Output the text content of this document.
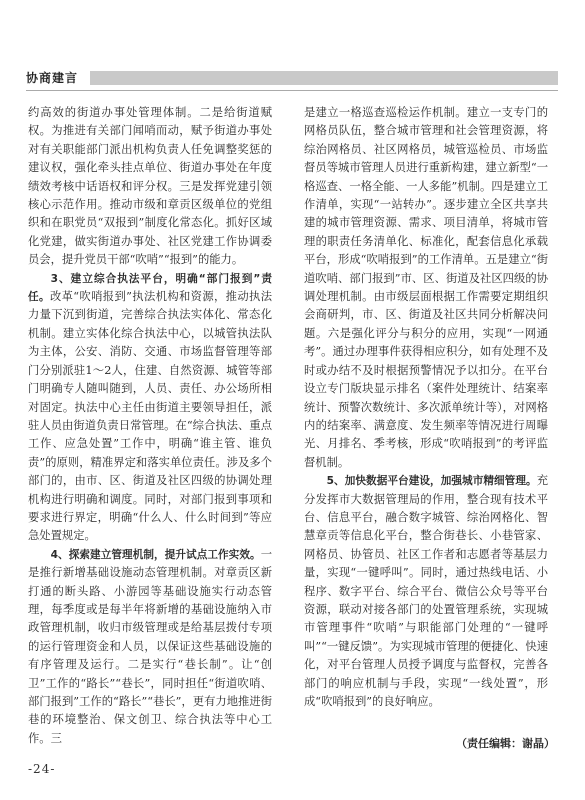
协商建言

约高效的街道办事处管理体制。二是给街道赋权。为推进有关部门闻哨而动，赋予街道办事处对有关职能部门派出机构负责人任免调整奖惩的建议权，强化牵头挂点单位、街道办事处在年度绩效考核中话语权和评分权。三是发挥党建引领核心示范作用。推动市级和章贡区级单位的党组织和在职党员“双报到”制度化常态化。抓好区域化党建，做实街道办事处、社区党建工作协调委员会，提升党员干部“吹哨”“报到”的能力。

3、建立综合执法平台，明确“部门报到”责任。改革“吹哨报到”执法机构和资源，推动执法力量下沉到街道，完善综合执法实体化、常态化机制。建立实体化综合执法中心，以城管执法队为主体，公安、消防、交通、市场监督管理等部门分别派驻1～2人，住建、自然资源、城管等部门明确专人随叫随到，人员、责任、办公场所相对固定。执法中心主任由街道主要领导担任，派驻人员由街道负责日常管理。在“综合执法、重点工作、应急处置”工作中，明确“谁主管、谁负责”的原则，精准界定和落实单位责任。涉及多个部门的，由市、区、街道及社区四级的协调处理机构进行明确和调度。同时，对部门报到事项和要求进行界定，明确“什么人、什么时间到”等应急处置规定。

4、探索建立管理机制，提升试点工作实效。一是推行新增基础设施动态管理机制。对章贡区新打通的断头路、小游园等基础设施实行动态管理，每季度或是每半年将新增的基础设施纳入市政管理机制，收归市级管理或是给基层拨付专项的运行管理资金和人员，以保证这些基础设施的有序管理及运行。二是实行“巷长制”。让“创卫”工作的“路长”“巷长”，同时担任“街道吹哨、部门报到”工作的“路长”“巷长”，更有力地推进街巷的环境整治、保文创卫、综合执法等中心工作。三

是建立一格巡查巡检运作机制。建立一支专门的网格员队伍，整合城市管理和社会管理资源，将综治网格员、社区网格员，城管巡检员、市场监督员等城市管理人员进行重新构建，建立新型“一格巡查、一格全能、一人多能”机制。四是建立工作清单，实现“一站转办”。逐步建立全区共享共建的城市管理资源、需求、项目清单，将城市管理的职责任务清单化、标准化，配套信息化承载平台，形成“吹哨报到”的工作清单。五是建立“街道吹哨、部门报到”市、区、街道及社区四级的协调处理机制。由市级层面根据工作需要定期组织会商研判，市、区、街道及社区共同分析解决问题。六是强化评分与积分的应用，实现“一网通考”。通过办理事件获得相应积分，如有处理不及时或办结不及时根据预警情况予以扣分。在平台设立专门版块显示排名（案件处理统计、结案率统计、预警次数统计、多次派单统计等），对网格内的结案率、满意度、发生频率等情况进行周曝光、月排名、季考核，形成“吹哨报到”的考评监督机制。

5、加快数据平台建设，加强城市精细管理。充分发挥市大数据管理局的作用，整合现有技术平台、信息平台，融合数字城管、综治网格化、智慧章贡等信息化平台，整合街巷长、小巷管家、网格员、协管员、社区工作者和志愿者等基层力量，实现“一键呼叫”。同时，通过热线电话、小程序、数字平台、综合平台、微信公众号等平台资源，联动对接各部门的处置管理系统，实现城市管理事件“吹哨”与职能部门处理的“一键呼叫”“一键反馈”。为实现城市管理的便捷化、快速化，对平台管理人员授予调度与监督权，完善各部门的响应机制与手段，实现“一线处置”，形成“吹哨报到”的良好响应。

（责任编辑：谢晶）
-24-
